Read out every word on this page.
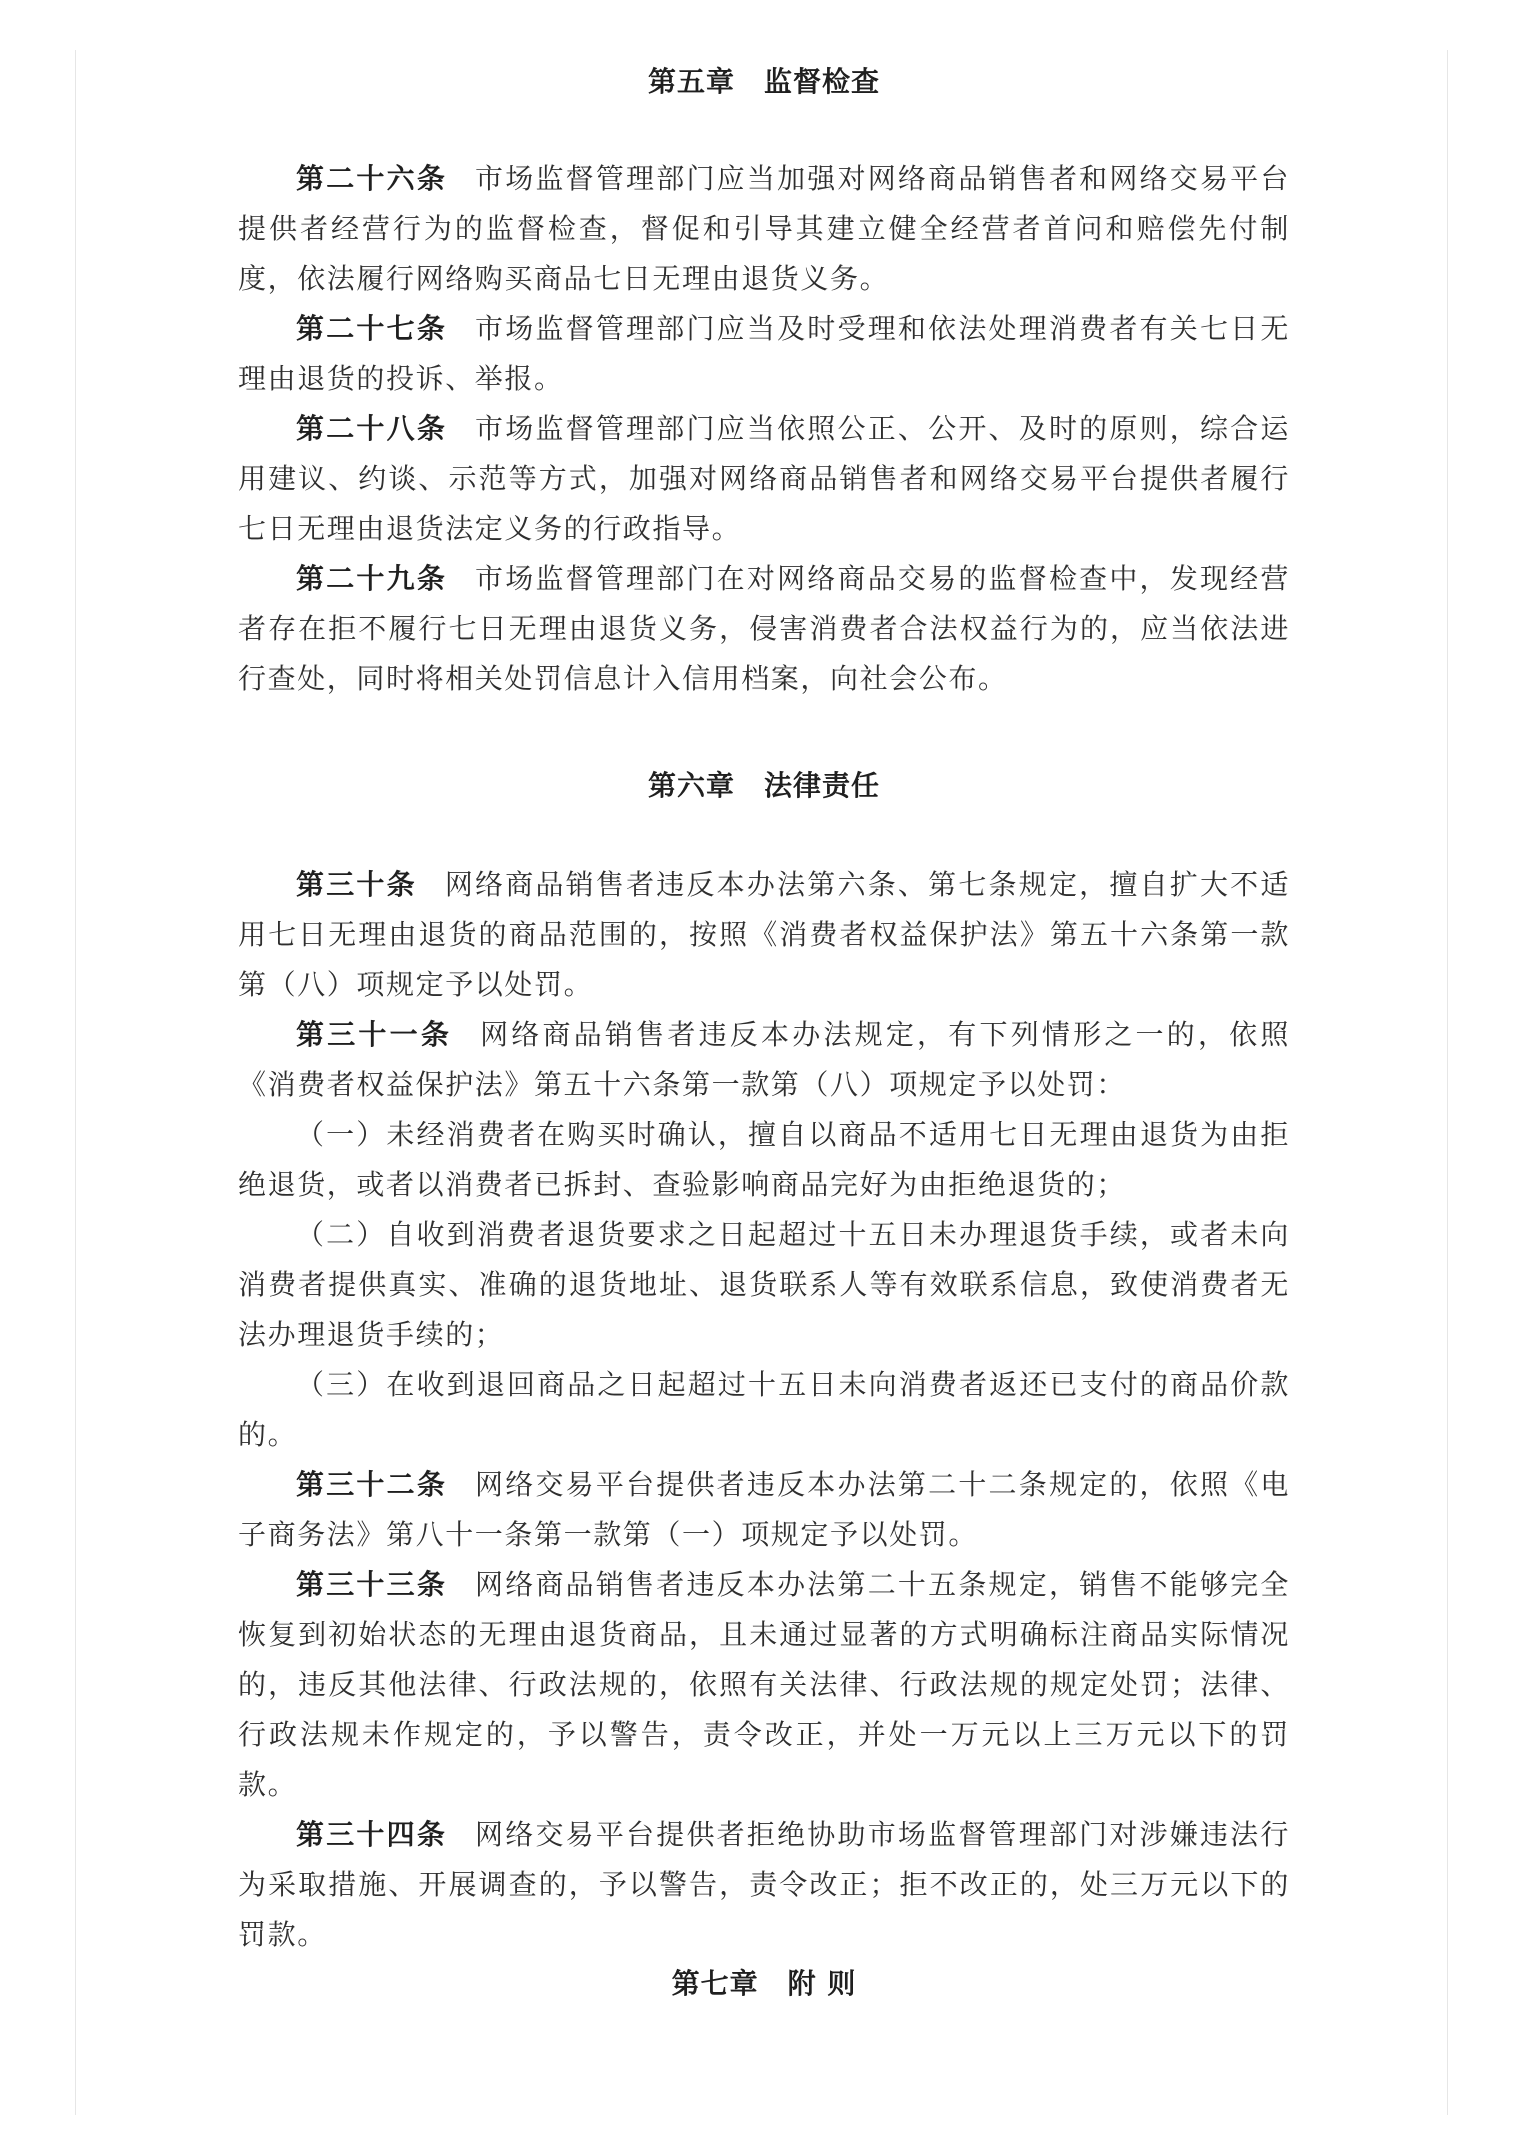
第五章　监督检查

第二十六条 市场监督管理部门应当加强对网络商品销售者和网络交易平台提供者经营行为的监督检查，督促和引导其建立健全经营者首问和赔偿先付制度，依法履行网络购买商品七日无理由退货义务。

第二十七条 市场监督管理部门应当及时受理和依法处理消费者有关七日无理由退货的投诉、举报。

第二十八条 市场监督管理部门应当依照公正、公开、及时的原则，综合运用建议、约谈、示范等方式，加强对网络商品销售者和网络交易平台提供者履行七日无理由退货法定义务的行政指导。

第二十九条 市场监督管理部门在对网络商品交易的监督检查中，发现经营者存在拒不履行七日无理由退货义务，侵害消费者合法权益行为的，应当依法进行查处，同时将相关处罚信息计入信用档案，向社会公布。

第六章　法律责任

第三十条 网络商品销售者违反本办法第六条、第七条规定，擅自扩大不适用七日无理由退货的商品范围的，按照《消费者权益保护法》第五十六条第一款第（八）项规定予以处罚。

第三十一条 网络商品销售者违反本办法规定，有下列情形之一的，依照《消费者权益保护法》第五十六条第一款第（八）项规定予以处罚：

（一）未经消费者在购买时确认，擅自以商品不适用七日无理由退货为由拒绝退货，或者以消费者已拆封、查验影响商品完好为由拒绝退货的；

（二）自收到消费者退货要求之日起超过十五日未办理退货手续，或者未向消费者提供真实、准确的退货地址、退货联系人等有效联系信息，致使消费者无法办理退货手续的；

（三）在收到退回商品之日起超过十五日未向消费者返还已支付的商品价款的。

第三十二条 网络交易平台提供者违反本办法第二十二条规定的，依照《电子商务法》第八十一条第一款第（一）项规定予以处罚。

第三十三条 网络商品销售者违反本办法第二十五条规定，销售不能够完全恢复到初始状态的无理由退货商品，且未通过显著的方式明确标注商品实际情况的，违反其他法律、行政法规的，依照有关法律、行政法规的规定处罚；法律、行政法规未作规定的，予以警告，责令改正，并处一万元以上三万元以下的罚款。

第三十四条 网络交易平台提供者拒绝协助市场监督管理部门对涉嫌违法行为采取措施、开展调查的，予以警告，责令改正；拒不改正的，处三万元以下的罚款。

第七章　附 则
